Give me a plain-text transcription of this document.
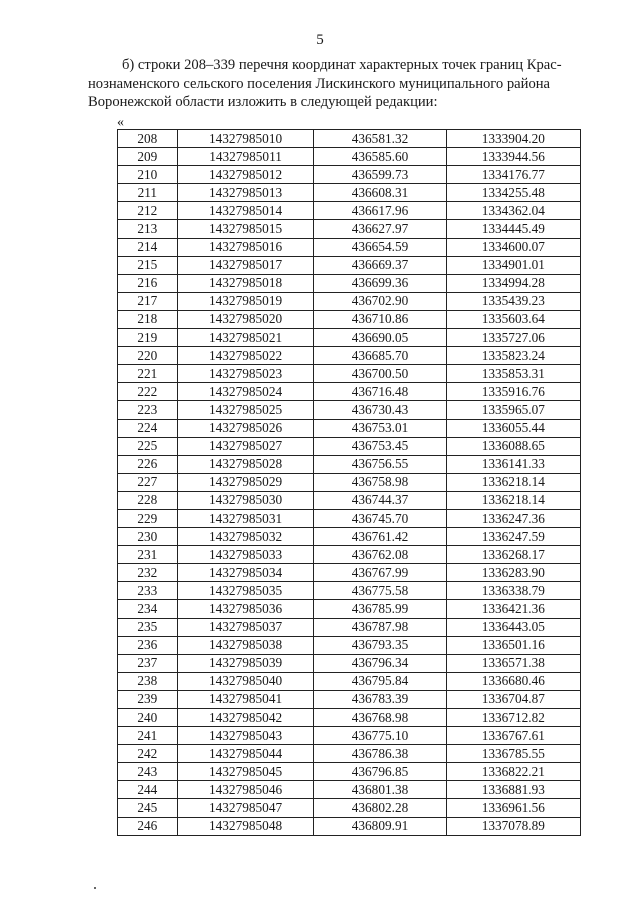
5
б) строки 208–339 перечня координат характерных точек границ Крас-
нознаменского сельского поселения Лискинского муниципального района
Воронежской области изложить в следующей редакции:
«
208	14327985010	436581.32	1333904.20
209	14327985011	436585.60	1333944.56
210	14327985012	436599.73	1334176.77
211	14327985013	436608.31	1334255.48
212	14327985014	436617.96	1334362.04
213	14327985015	436627.97	1334445.49
214	14327985016	436654.59	1334600.07
215	14327985017	436669.37	1334901.01
216	14327985018	436699.36	1334994.28
217	14327985019	436702.90	1335439.23
218	14327985020	436710.86	1335603.64
219	14327985021	436690.05	1335727.06
220	14327985022	436685.70	1335823.24
221	14327985023	436700.50	1335853.31
222	14327985024	436716.48	1335916.76
223	14327985025	436730.43	1335965.07
224	14327985026	436753.01	1336055.44
225	14327985027	436753.45	1336088.65
226	14327985028	436756.55	1336141.33
227	14327985029	436758.98	1336218.14
228	14327985030	436744.37	1336218.14
229	14327985031	436745.70	1336247.36
230	14327985032	436761.42	1336247.59
231	14327985033	436762.08	1336268.17
232	14327985034	436767.99	1336283.90
233	14327985035	436775.58	1336338.79
234	14327985036	436785.99	1336421.36
235	14327985037	436787.98	1336443.05
236	14327985038	436793.35	1336501.16
237	14327985039	436796.34	1336571.38
238	14327985040	436795.84	1336680.46
239	14327985041	436783.39	1336704.87
240	14327985042	436768.98	1336712.82
241	14327985043	436775.10	1336767.61
242	14327985044	436786.38	1336785.55
243	14327985045	436796.85	1336822.21
244	14327985046	436801.38	1336881.93
245	14327985047	436802.28	1336961.56
246	14327985048	436809.91	1337078.89
